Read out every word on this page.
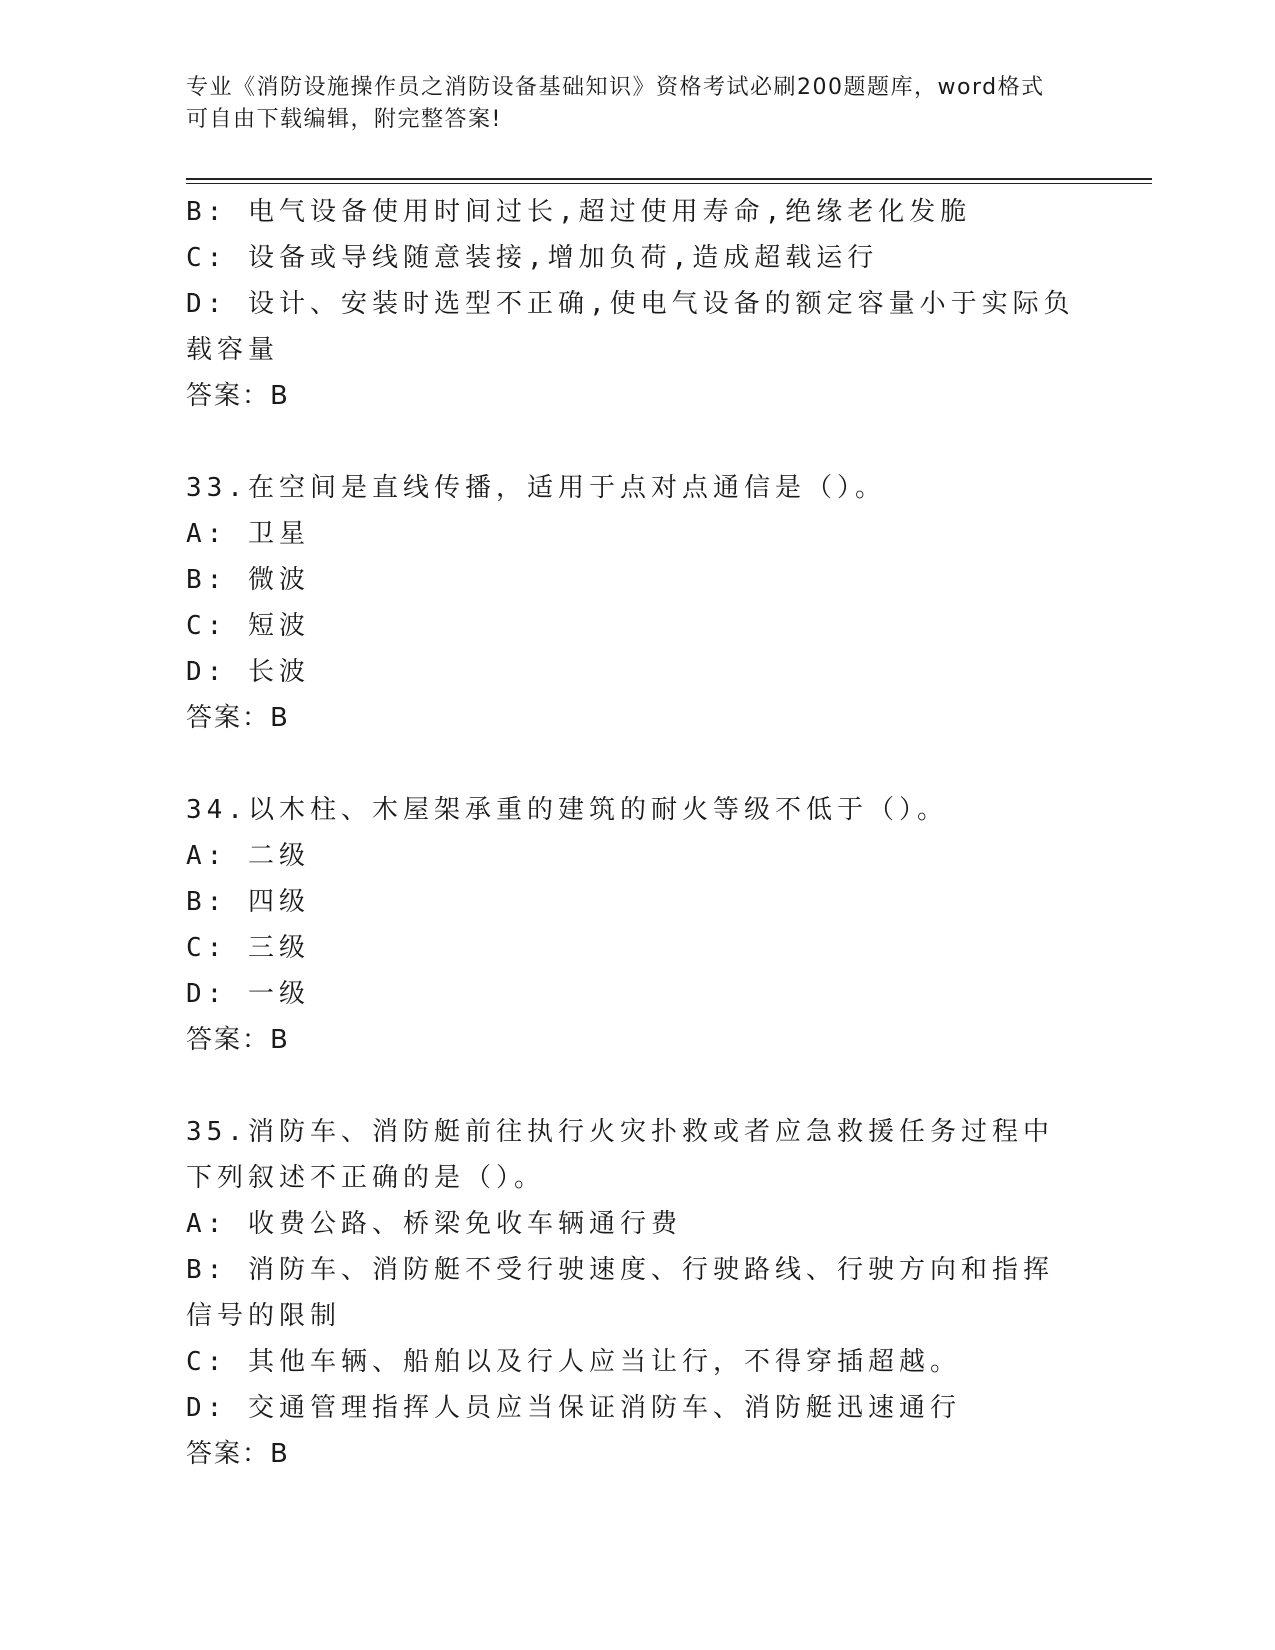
专业《消防设施操作员之消防设备基础知识》资格考试必刷200题题库，word格式可自由下载编辑，附完整答案!
B: 电气设备使用时间过长,超过使用寿命,绝缘老化发脆
C: 设备或导线随意装接,增加负荷,造成超载运行
D: 设计、安装时选型不正确,使电气设备的额定容量小于实际负载容量
答案：B
33.在空间是直线传播，适用于点对点通信是（）。
A: 卫星
B: 微波
C: 短波
D: 长波
答案：B
34.以木柱、木屋架承重的建筑的耐火等级不低于（）。
A: 二级
B: 四级
C: 三级
D: 一级
答案：B
35.消防车、消防艇前往执行火灾扑救或者应急救援任务过程中下列叙述不正确的是（）。
A: 收费公路、桥梁免收车辆通行费
B: 消防车、消防艇不受行驶速度、行驶路线、行驶方向和指挥信号的限制
C: 其他车辆、船舶以及行人应当让行，不得穿插超越。
D: 交通管理指挥人员应当保证消防车、消防艇迅速通行
答案：B
